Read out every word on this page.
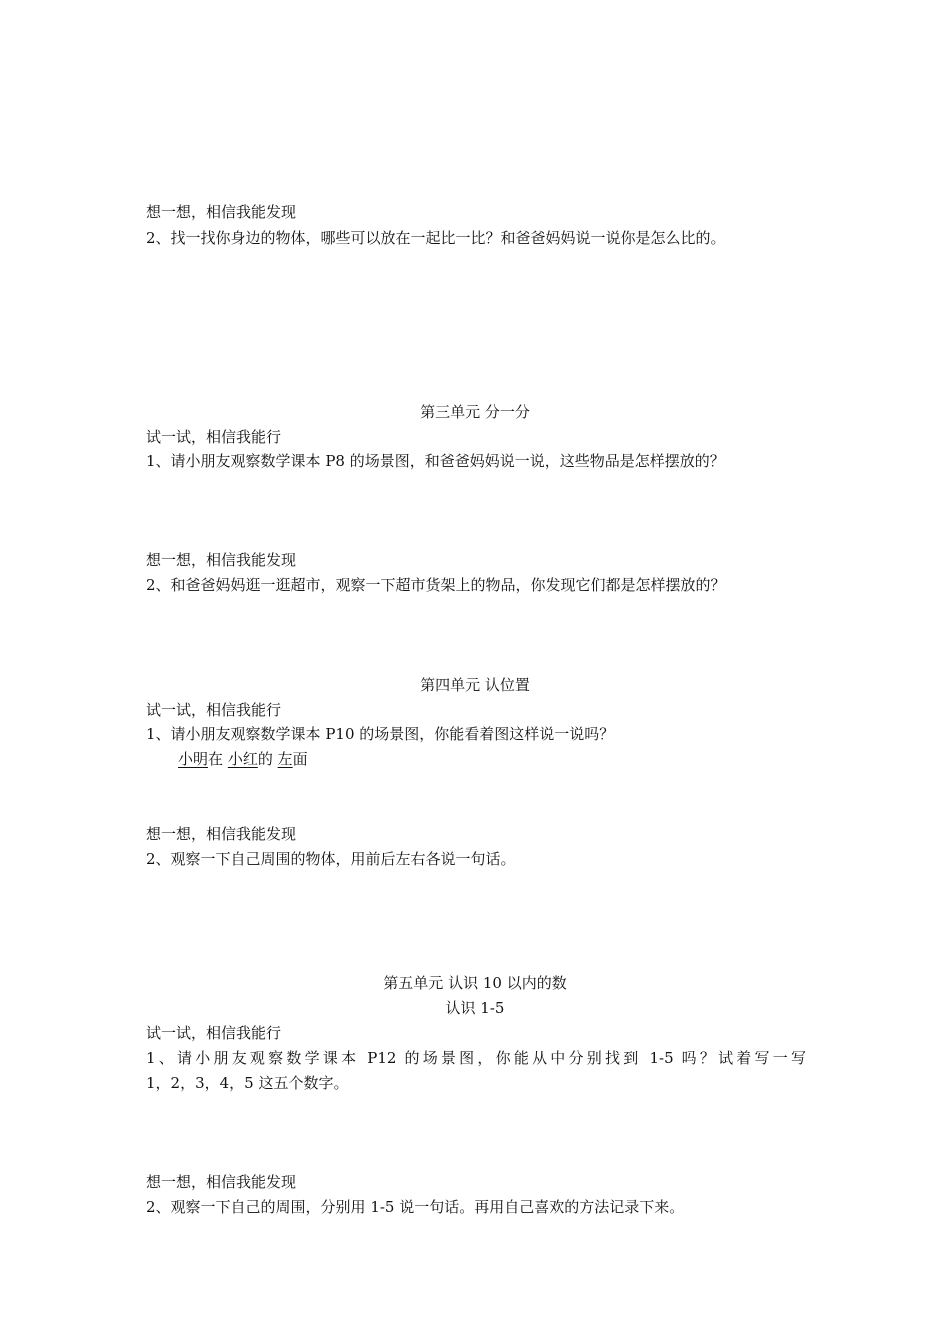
想一想，相信我能发现
2、找一找你身边的物体，哪些可以放在一起比一比？和爸爸妈妈说一说你是怎么比的。
第三单元 分一分
试一试，相信我能行
1、请小朋友观察数学课本 P8 的场景图，和爸爸妈妈说一说，这些物品是怎样摆放的？
想一想，相信我能发现
2、和爸爸妈妈逛一逛超市，观察一下超市货架上的物品，你发现它们都是怎样摆放的？
第四单元 认位置
试一试，相信我能行
1、请小朋友观察数学课本 P10 的场景图，你能看着图这样说一说吗？
小明在 小红的 左面
想一想，相信我能发现
2、观察一下自己周围的物体，用前后左右各说一句话。
第五单元 认识 10 以内的数
认识 1-5
试一试，相信我能行
1、请小朋友观察数学课本 P12 的场景图，你能从中分别找到 1-5 吗？试着写一写
1，2，3，4，5 这五个数字。
想一想，相信我能发现
2、观察一下自己的周围，分别用 1-5 说一句话。再用自己喜欢的方法记录下来。
